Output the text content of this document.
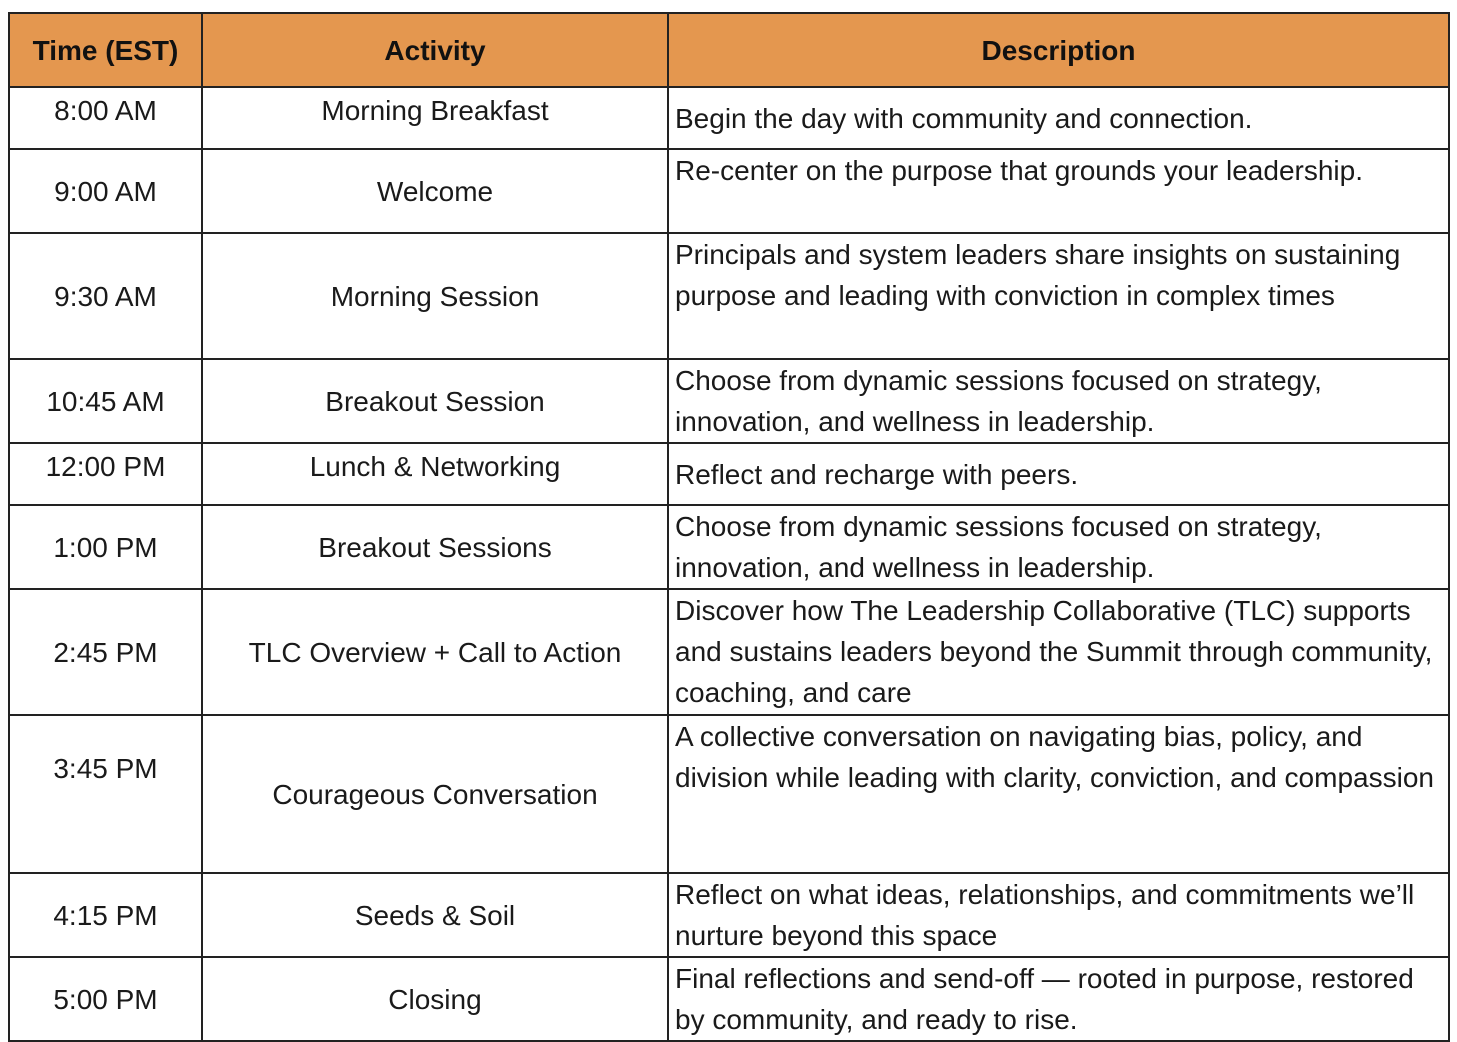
Time (EST)	Activity	Description
8:00 AM	Morning Breakfast	Begin the day with community and connection.
9:00 AM	Welcome	Re-center on the purpose that grounds your leadership.
9:30 AM	Morning Session	Principals and system leaders share insights on sustaining purpose and leading with conviction in complex times
10:45 AM	Breakout Session	Choose from dynamic sessions focused on strategy, innovation, and wellness in leadership.
12:00 PM	Lunch & Networking	Reflect and recharge with peers.
1:00 PM	Breakout Sessions	Choose from dynamic sessions focused on strategy, innovation, and wellness in leadership.
2:45 PM	TLC Overview + Call to Action	Discover how The Leadership Collaborative (TLC) supports and sustains leaders beyond the Summit through community, coaching, and care
3:45 PM	Courageous Conversation	A collective conversation on navigating bias, policy, and division while leading with clarity, conviction, and compassion
4:15 PM	Seeds & Soil	Reflect on what ideas, relationships, and commitments we’ll nurture beyond this space
5:00 PM	Closing	Final reflections and send-off — rooted in purpose, restored by community, and ready to rise.
